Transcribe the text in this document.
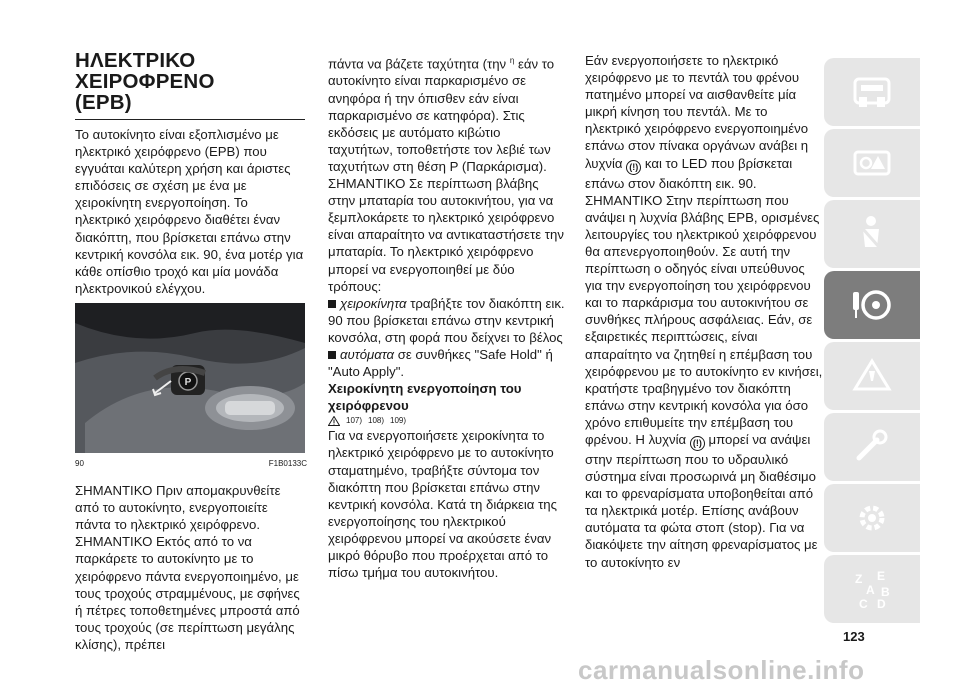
ΗΛΕΚΤΡΙΚΟ ΧΕΙΡΟΦΡΕΝΟ
(EPB)

Το αυτοκίνητο είναι εξοπλισμένο με ηλεκτρικό χειρόφρενο (EPB) που εγγυάται καλύτερη χρήση και άριστες επιδόσεις σε σχέση με ένα με χειροκίνητη ενεργοποίηση. Το ηλεκτρικό χειρόφρενο διαθέτει έναν διακόπτη, που βρίσκεται επάνω στην κεντρική κονσόλα εικ. 90, ένα μοτέρ για κάθε οπίσθιο τροχό και μία μονάδα ηλεκτρονικού ελέγχου.

P
90	F1B0133C

ΣΗΜΑΝΤΙΚΟ Πριν απομακρυνθείτε από το αυτοκίνητο, ενεργοποιείτε πάντα το ηλεκτρικό χειρόφρενο. ΣΗΜΑΝΤΙΚΟ Εκτός από το να παρκάρετε το αυτοκίνητο με το χειρόφρενο πάντα ενεργοποιημένο, με τους τροχούς στραμμένους, με σφήνες ή πέτρες τοποθετημένες μπροστά από τους τροχούς (σε περίπτωση μεγάλης κλίσης), πρέπει

πάντα να βάζετε ταχύτητα (την $^\eta$ εάν το αυτοκίνητο είναι παρκαρισμένο σε ανηφόρα ή την όπισθεν εάν είναι παρκαρισμένο σε κατηφόρα). Στις εκδόσεις με αυτόματο κιβώτιο ταχυτήτων, τοποθετήστε τον λεβιέ των ταχυτήτων στη θέση P (Παρκάρισμα). ΣΗΜΑΝΤΙΚΟ Σε περίπτωση βλάβης στην μπαταρία του αυτοκινήτου, για να ξεμπλοκάρετε το ηλεκτρικό χειρόφρενο είναι απαραίτητο να αντικαταστήσετε την μπαταρία. Το ηλεκτρικό χειρόφρενο μπορεί να ενεργοποιηθεί με δύο τρόπους:

χειροκίνητα τραβήξτε τον διακόπτη εικ. 90 που βρίσκεται επάνω στην κεντρική κονσόλα, στη φορά που δείχνει το βέλος

αυτόματα σε συνθήκες "Safe Hold" ή "Auto Apply".

Χειροκίνητη ενεργοποίηση του χειρόφρενου

107) 108) 109)

Για να ενεργοποιήσετε χειροκίνητα το ηλεκτρικό χειρόφρενο με το αυτοκίνητο σταματημένο, τραβήξτε σύντομα τον διακόπτη που βρίσκεται επάνω στην κεντρική κονσόλα. Κατά τη διάρκεια της ενεργοποίησης του ηλεκτρικού χειρόφρενου μπορεί να ακούσετε έναν μικρό θόρυβο που προέρχεται από το πίσω τμήμα του αυτοκινήτου.

Εάν ενεργοποιήσετε το ηλεκτρικό χειρόφρενο με το πεντάλ του φρένου πατημένο μπορεί να αισθανθείτε μία μικρή κίνηση του πεντάλ. Με το ηλεκτρικό χειρόφρενο ενεργοποιημένο επάνω στον πίνακα οργάνων ανάβει η λυχνία (!) και το LED που βρίσκεται επάνω στον διακόπτη εικ. 90. ΣΗΜΑΝΤΙΚΟ Στην περίπτωση που ανάψει η λυχνία βλάβης EPB, ορισμένες λειτουργίες του ηλεκτρικού χειρόφρενου θα απενεργοποιηθούν. Σε αυτή την περίπτωση ο οδηγός είναι υπεύθυνος για την ενεργοποίηση του χειρόφρενου και το παρκάρισμα του αυτοκινήτου σε συνθήκες πλήρους ασφάλειας. Εάν, σε εξαιρετικές περιπτώσεις, είναι απαραίτητο να ζητηθεί η επέμβαση του χειρόφρενου με το αυτοκίνητο εν κινήσει, κρατήστε τραβηγμένο τον διακόπτη επάνω στην κεντρική κονσόλα για όσο χρόνο επιθυμείτε την επέμβαση του φρένου. Η λυχνία (!) μπορεί να ανάψει στην περίπτωση που το υδραυλικό σύστημα είναι προσωρινά μη διαθέσιμο και το φρεναρίσματα υποβοηθείται από τα ηλεκτρικά μοτέρ. Επίσης ανάβουν αυτόματα τα φώτα στοπ (stop). Για να διακόψετε την αίτηση φρεναρίσματος με το αυτοκίνητο εν

Z E
A B
C D
123
carmanualsonline.info
